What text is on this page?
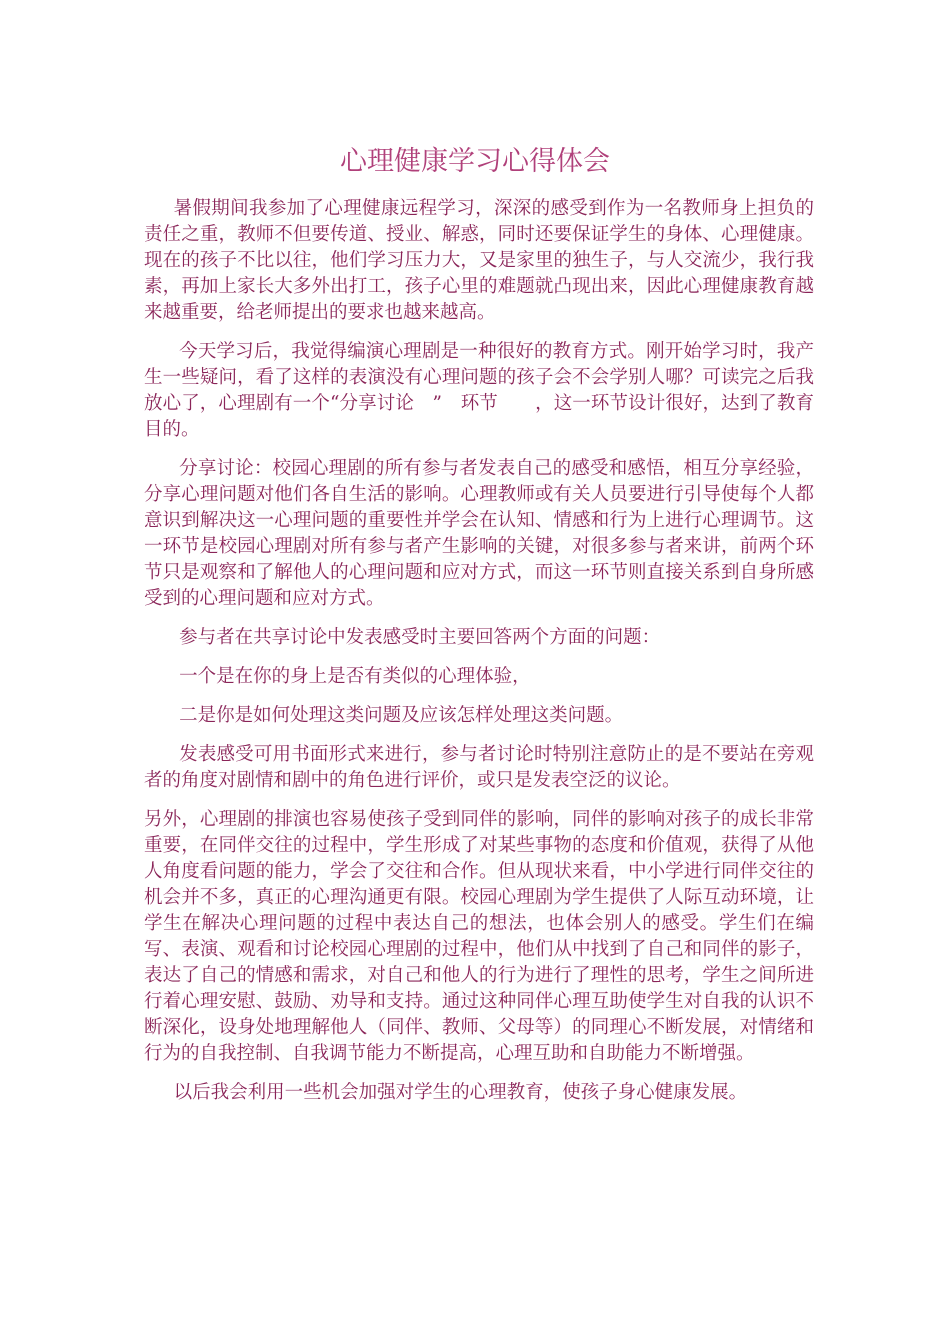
心理健康学习心得体会

暑假期间我参加了心理健康远程学习，深深的感受到作为一名教师身上担负的责任之重，教师不但要传道、授业、解惑，同时还要保证学生的身体、心理健康。现在的孩子不比以往，他们学习压力大，又是家里的独生子，与人交流少，我行我素，再加上家长大多外出打工，孩子心里的难题就凸现出来，因此心理健康教育越来越重要，给老师提出的要求也越来越高。

今天学习后，我觉得编演心理剧是一种很好的教育方式。刚开始学习时，我产生一些疑问，看了这样的表演没有心理问题的孩子会不会学别人哪？可读完之后我放心了，心理剧有一个“分享讨论　”　环节　　，这一环节设计很好，达到了教育目的。

分享讨论：校园心理剧的所有参与者发表自己的感受和感悟，相互分享经验，分享心理问题对他们各自生活的影响。心理教师或有关人员要进行引导使每个人都意识到解决这一心理问题的重要性并学会在认知、情感和行为上进行心理调节。这一环节是校园心理剧对所有参与者产生影响的关键，对很多参与者来讲，前两个环节只是观察和了解他人的心理问题和应对方式，而这一环节则直接关系到自身所感受到的心理问题和应对方式。

参与者在共享讨论中发表感受时主要回答两个方面的问题：

一个是在你的身上是否有类似的心理体验，

二是你是如何处理这类问题及应该怎样处理这类问题。

发表感受可用书面形式来进行，参与者讨论时特别注意防止的是不要站在旁观者的角度对剧情和剧中的角色进行评价，或只是发表空泛的议论。

另外，心理剧的排演也容易使孩子受到同伴的影响，同伴的影响对孩子的成长非常重要，在同伴交往的过程中，学生形成了对某些事物的态度和价值观，获得了从他人角度看问题的能力，学会了交往和合作。但从现状来看，中小学进行同伴交往的机会并不多，真正的心理沟通更有限。校园心理剧为学生提供了人际互动环境，让学生在解决心理问题的过程中表达自己的想法，也体会别人的感受。学生们在编写、表演、观看和讨论校园心理剧的过程中，他们从中找到了自己和同伴的影子，表达了自己的情感和需求，对自己和他人的行为进行了理性的思考，学生之间所进行着心理安慰、鼓励、劝导和支持。通过这种同伴心理互助使学生对自我的认识不断深化，设身处地理解他人（同伴、教师、父母等）的同理心不断发展，对情绪和行为的自我控制、自我调节能力不断提高，心理互助和自助能力不断增强。

以后我会利用一些机会加强对学生的心理教育，使孩子身心健康发展。
